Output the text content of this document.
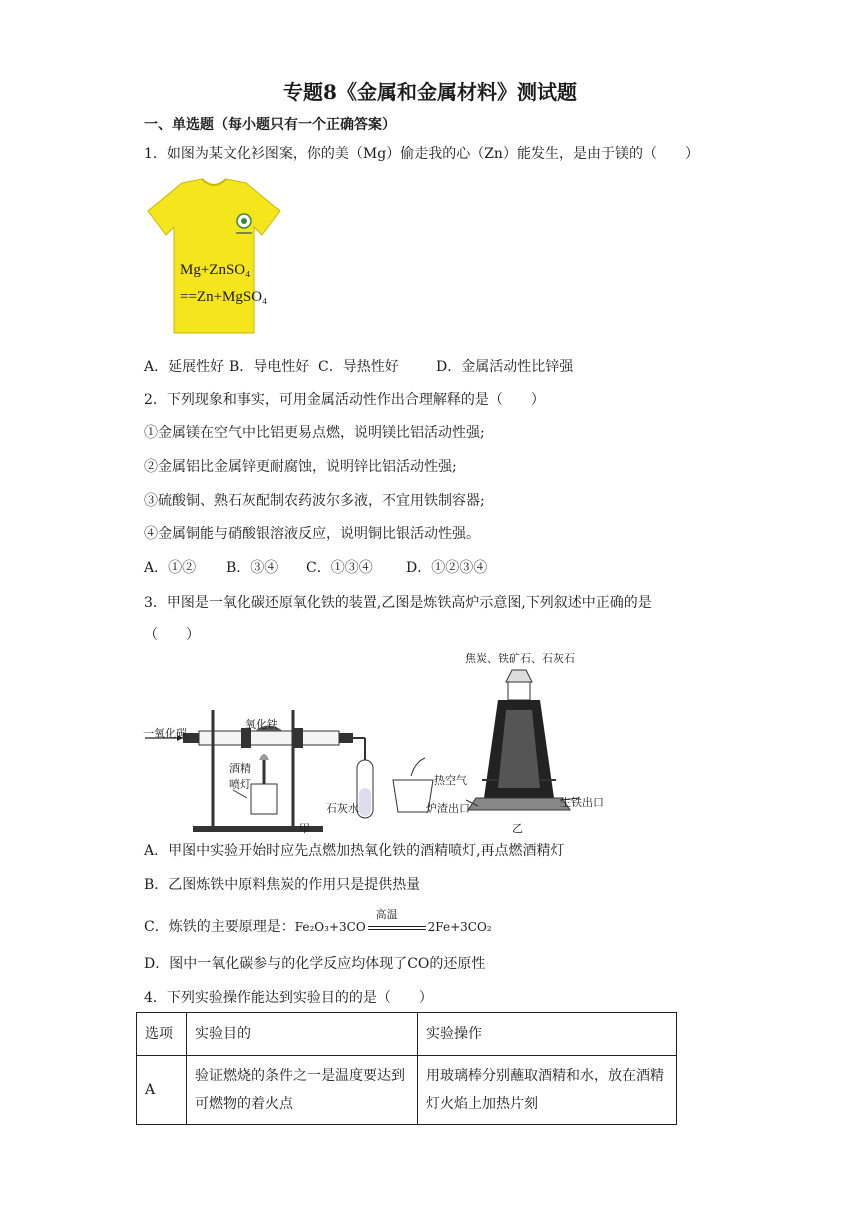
专题8《金属和金属材料》测试题
一、单选题（每小题只有一个正确答案）
1．如图为某文化衫图案，你的美（Mg）偷走我的心（Zn）能发生，是由于镁的（　　）
Mg+ZnSO₄
==Zn+MgSO₄
A．延展性好 B．导电性好 C．导热性好	D．金属活动性比锌强
2．下列现象和事实，可用金属活动性作出合理解释的是（　　）
①金属镁在空气中比铝更易点燃，说明镁比铝活动性强;
②金属铝比金属锌更耐腐蚀，说明锌比铝活动性强;
③硫酸铜、熟石灰配制农药波尔多液，不宜用铁制容器;
④金属铜能与硝酸银溶液反应，说明铜比银活动性强。
A．①② B．③④ C．①③④ D．①②③④
3．甲图是一氧化碳还原氧化铁的装置,乙图是炼铁高炉示意图,下列叙述中正确的是
（　　）
一氧化碳
氧化铁
酒精
喷灯
石灰水
甲
焦炭、铁矿石、石灰石
热空气
炉渣出口	生铁出口
乙
A．甲图中实验开始时应先点燃加热氧化铁的酒精喷灯,再点燃酒精灯
B．乙图炼铁中原料焦炭的作用只是提供热量
C．炼铁的主要原理是：Fe₂O₃+3CO
高温
2Fe+3CO₂
D．图中一氧化碳参与的化学反应均体现了CO的还原性
4．下列实验操作能达到实验目的的是（　　）
选项	实验目的	实验操作
A	验证燃烧的条件之一是温度要达到可燃物的着火点	用玻璃棒分别蘸取酒精和水，放在酒精灯火焰上加热片刻
